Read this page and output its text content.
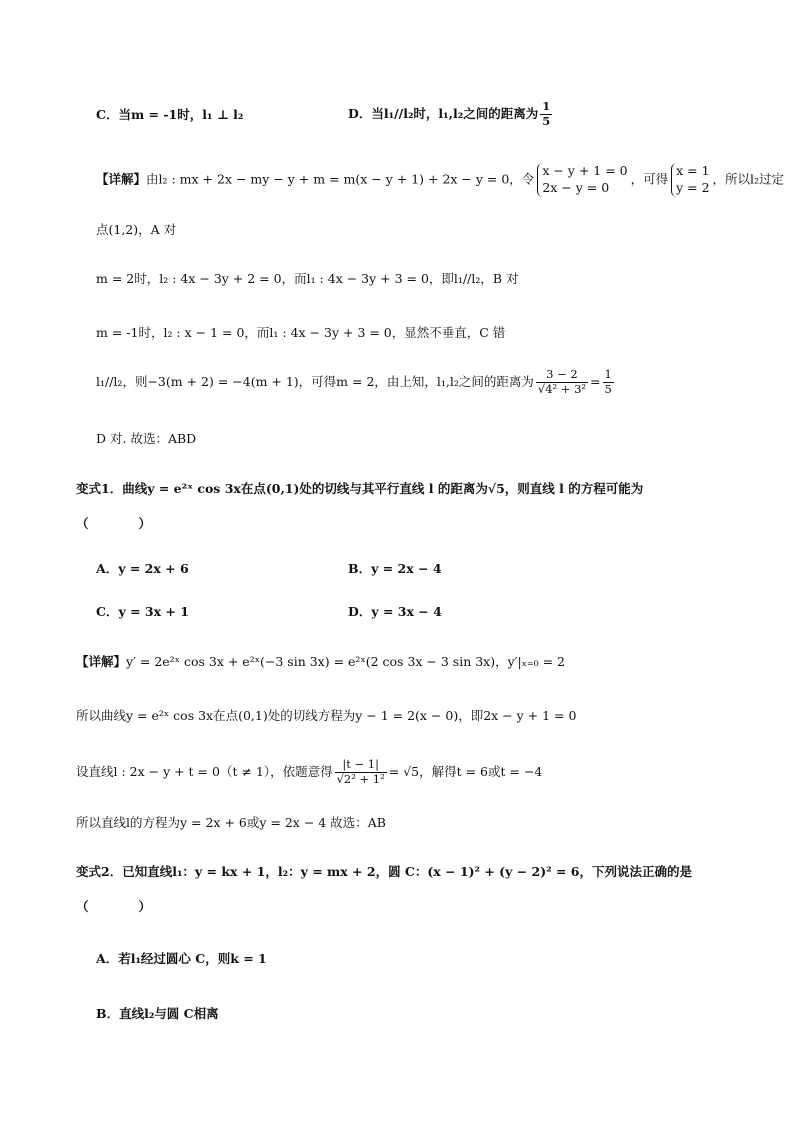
C．当m = -1时，l₁ ⊥ l₂	D．当l₁//l₂时，l₁,l₂之间的距离为 $\frac{1}{5}$
【详解】由l₂ : mx + 2x − my − y + m = m(x − y + 1) + 2x − y = 0，令
x − y + 1 = 0
2x − y = 0
，可得
x = 1
y = 2
，所以l₂过定
点(1,2)，A 对
m = 2时，l₂ : 4x − 3y + 2 = 0，而l₁ : 4x − 3y + 3 = 0，即l₁//l₂，B 对
m = -1时，l₂ : x − 1 = 0，而l₁ : 4x − 3y + 3 = 0，显然不垂直，C 错
l₁//l₂，则−3(m + 2) = −4(m + 1)，可得m = 2，由上知，l₁,l₂之间的距离为 $\frac{3 - 2}{\text{√4² + 3²}} = \frac{1}{5}$
D 对. 故选：ABD
变式1．曲线y = e²ˣ cos 3x在点(0,1)处的切线与其平行直线 l 的距离为√5，则直线 l 的方程可能为
（　　　　）
A．y = 2x + 6	B．y = 2x − 4
C．y = 3x + 1	D．y = 3x − 4
【详解】y′ = 2e²ˣ cos 3x + e²ˣ(−3 sin 3x) = e²ˣ(2 cos 3x − 3 sin 3x)，y′|ₓ₌₀ = 2
所以曲线y = e²ˣ cos 3x在点(0,1)处的切线方程为y − 1 = 2(x − 0)，即2x − y + 1 = 0
设直线l : 2x − y + t = 0（t ≠ 1），依题意得 $\frac{|t - 1|}{\text{√2² + 1²}} = √5$，解得t = 6或t = −4
所以直线l的方程为y = 2x + 6或y = 2x − 4 故选：AB
变式2．已知直线l₁：y = kx + 1，l₂：y = mx + 2，圆 C：(x − 1)² + (y − 2)² = 6，下列说法正确的是
（　　　　）
A．若l₁经过圆心 C，则k = 1
B．直线l₂与圆 C相离
